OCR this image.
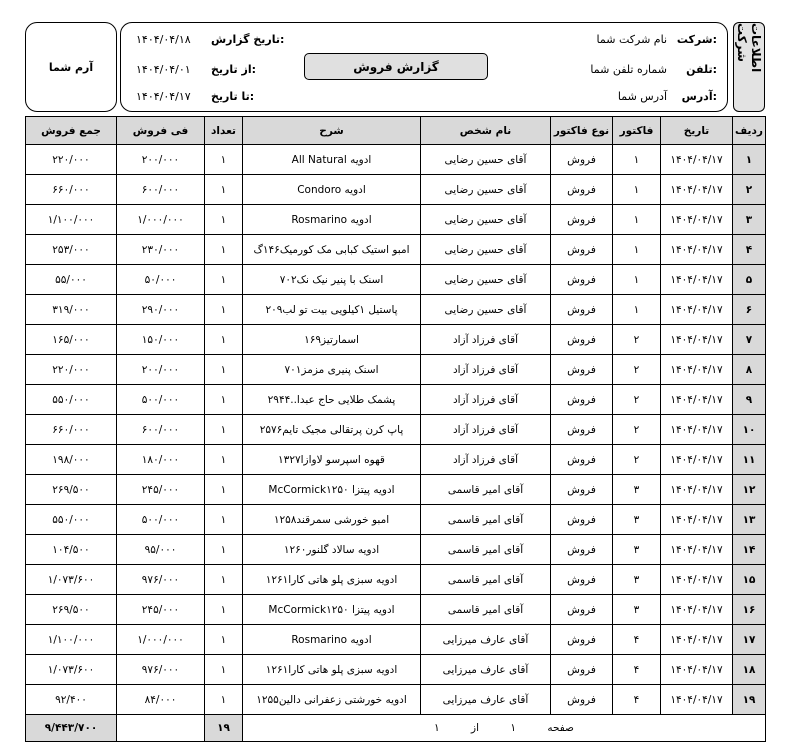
آرم شما
تاریخ گزارش:
۱۴۰۴/۰۴/۱۸
از تاریخ:
۱۴۰۴/۰۴/۰۱
تا تاریخ:
۱۴۰۴/۰۴/۱۷
گزارش فروش
شرکت:
نام شرکت شما
تلفن:
شماره تلفن شما
آدرس:
آدرس شما
اطلاعات شرکت
ردیف	تاریخ	فاکتور	نوع فاکتور	نام شخص	شرح	تعداد	فی فروش	جمع فروش
۱	۱۴۰۴/۰۴/۱۷	۱	فروش	آقای حسین رضایی	ادویه All Natural	۱	۲۰۰/۰۰۰	۲۲۰/۰۰۰
۲	۱۴۰۴/۰۴/۱۷	۱	فروش	آقای حسین رضایی	ادویه Condoro	۱	۶۰۰/۰۰۰	۶۶۰/۰۰۰
۳	۱۴۰۴/۰۴/۱۷	۱	فروش	آقای حسین رضایی	ادویه Rosmarino	۱	۱/۰۰۰/۰۰۰	۱/۱۰۰/۰۰۰
۴	۱۴۰۴/۰۴/۱۷	۱	فروش	آقای حسین رضایی	امبو استیک کبابی مک کورمیک۱۴۶گ	۱	۲۳۰/۰۰۰	۲۵۳/۰۰۰
۵	۱۴۰۴/۰۴/۱۷	۱	فروش	آقای حسین رضایی	اسنک با پنیر نیک نک۷۰۲	۱	۵۰/۰۰۰	۵۵/۰۰۰
۶	۱۴۰۴/۰۴/۱۷	۱	فروش	آقای حسین رضایی	پاستیل ۱کیلویی بیت تو لب۲۰۹	۱	۲۹۰/۰۰۰	۳۱۹/۰۰۰
۷	۱۴۰۴/۰۴/۱۷	۲	فروش	آقای فرزاد آزاد	اسمارتیز۱۶۹	۱	۱۵۰/۰۰۰	۱۶۵/۰۰۰
۸	۱۴۰۴/۰۴/۱۷	۲	فروش	آقای فرزاد آزاد	اسنک پنیری مزمز۷۰۱	۱	۲۰۰/۰۰۰	۲۲۰/۰۰۰
۹	۱۴۰۴/۰۴/۱۷	۲	فروش	آقای فرزاد آزاد	پشمک طلایی حاج عبدا..۲۹۴۴	۱	۵۰۰/۰۰۰	۵۵۰/۰۰۰
۱۰	۱۴۰۴/۰۴/۱۷	۲	فروش	آقای فرزاد آزاد	پاپ کرن پرتقالی مجیک تایم۲۵۷۶	۱	۶۰۰/۰۰۰	۶۶۰/۰۰۰
۱۱	۱۴۰۴/۰۴/۱۷	۲	فروش	آقای فرزاد آزاد	قهوه اسپرسو لاوازا۱۳۲۷	۱	۱۸۰/۰۰۰	۱۹۸/۰۰۰
۱۲	۱۴۰۴/۰۴/۱۷	۳	فروش	آقای امیر قاسمی	ادویه پیتزا McCormick۱۲۵۰	۱	۲۴۵/۰۰۰	۲۶۹/۵۰۰
۱۳	۱۴۰۴/۰۴/۱۷	۳	فروش	آقای امیر قاسمی	امبو خورشی سمرقند۱۲۵۸	۱	۵۰۰/۰۰۰	۵۵۰/۰۰۰
۱۴	۱۴۰۴/۰۴/۱۷	۳	فروش	آقای امیر قاسمی	ادویه سالاد گلنور۱۲۶۰	۱	۹۵/۰۰۰	۱۰۴/۵۰۰
۱۵	۱۴۰۴/۰۴/۱۷	۳	فروش	آقای امیر قاسمی	ادویه سبزی پلو هاتی کارا۱۲۶۱	۱	۹۷۶/۰۰۰	۱/۰۷۳/۶۰۰
۱۶	۱۴۰۴/۰۴/۱۷	۳	فروش	آقای امیر قاسمی	ادویه پیتزا McCormick۱۲۵۰	۱	۲۴۵/۰۰۰	۲۶۹/۵۰۰
۱۷	۱۴۰۴/۰۴/۱۷	۴	فروش	آقای عارف میرزایی	ادویه Rosmarino	۱	۱/۰۰۰/۰۰۰	۱/۱۰۰/۰۰۰
۱۸	۱۴۰۴/۰۴/۱۷	۴	فروش	آقای عارف میرزایی	ادویه سبزی پلو هاتی کارا۱۲۶۱	۱	۹۷۶/۰۰۰	۱/۰۷۳/۶۰۰
۱۹	۱۴۰۴/۰۴/۱۷	۴	فروش	آقای عارف میرزایی	ادویه خورشتی زعفرانی دالین۱۲۵۵	۱	۸۴/۰۰۰	۹۲/۴۰۰
صفحه ۱ از ۱						۱۹		۹/۴۴۳/۷۰۰
